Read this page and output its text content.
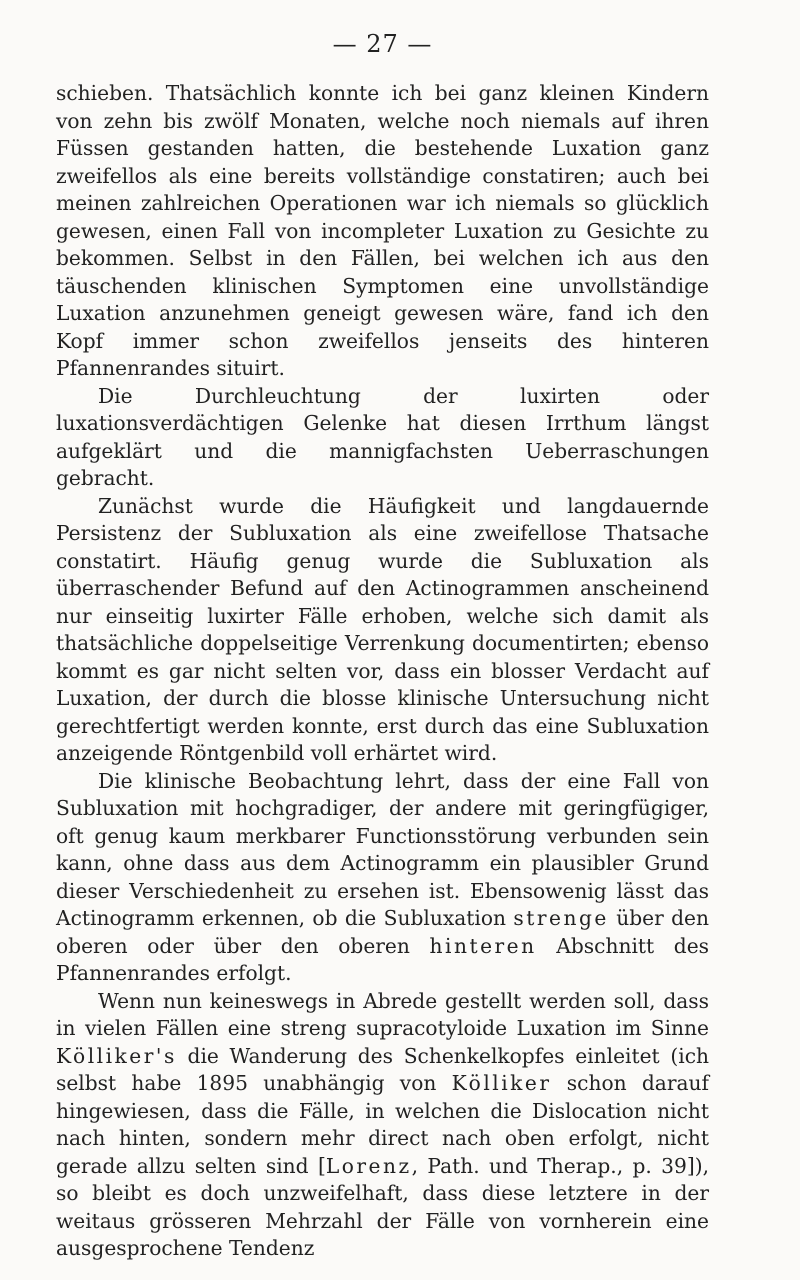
— 27 —

schieben. Thatsächlich konnte ich bei ganz kleinen Kindern von zehn bis zwölf Monaten, welche noch niemals auf ihren Füssen gestanden hatten, die bestehende Luxation ganz zweifellos als eine bereits vollständige constatiren; auch bei meinen zahlreichen Operationen war ich niemals so glücklich gewesen, einen Fall von incompleter Luxation zu Gesichte zu bekommen. Selbst in den Fällen, bei welchen ich aus den täuschenden klinischen Symptomen eine unvollständige Luxation anzunehmen geneigt gewesen wäre, fand ich den Kopf immer schon zweifellos jenseits des hinteren Pfannenrandes situirt.

Die Durchleuchtung der luxirten oder luxationsverdächtigen Gelenke hat diesen Irrthum längst aufgeklärt und die mannigfachsten Ueberraschungen gebracht.

Zunächst wurde die Häufigkeit und langdauernde Persistenz der Subluxation als eine zweifellose Thatsache constatirt. Häufig genug wurde die Subluxation als überraschender Befund auf den Actinogrammen anscheinend nur einseitig luxirter Fälle erhoben, welche sich damit als thatsächliche doppelseitige Verrenkung documentirten; ebenso kommt es gar nicht selten vor, dass ein blosser Verdacht auf Luxation, der durch die blosse klinische Untersuchung nicht gerechtfertigt werden konnte, erst durch das eine Subluxation anzeigende Röntgenbild voll erhärtet wird.

Die klinische Beobachtung lehrt, dass der eine Fall von Subluxation mit hochgradiger, der andere mit geringfügiger, oft genug kaum merkbarer Functionsstörung verbunden sein kann, ohne dass aus dem Actinogramm ein plausibler Grund dieser Verschiedenheit zu ersehen ist. Ebensowenig lässt das Actinogramm erkennen, ob die Subluxation strenge über den oberen oder über den oberen hinteren Abschnitt des Pfannenrandes erfolgt.

Wenn nun keineswegs in Abrede gestellt werden soll, dass in vielen Fällen eine streng supracotyloide Luxation im Sinne Kölliker's die Wanderung des Schenkelkopfes einleitet (ich selbst habe 1895 unabhängig von Kölliker schon darauf hingewiesen, dass die Fälle, in welchen die Dislocation nicht nach hinten, sondern mehr direct nach oben erfolgt, nicht gerade allzu selten sind [Lorenz, Path. und Therap., p. 39]), so bleibt es doch unzweifelhaft, dass diese letztere in der weitaus grösseren Mehrzahl der Fälle von vornherein eine ausgesprochene Tendenz
